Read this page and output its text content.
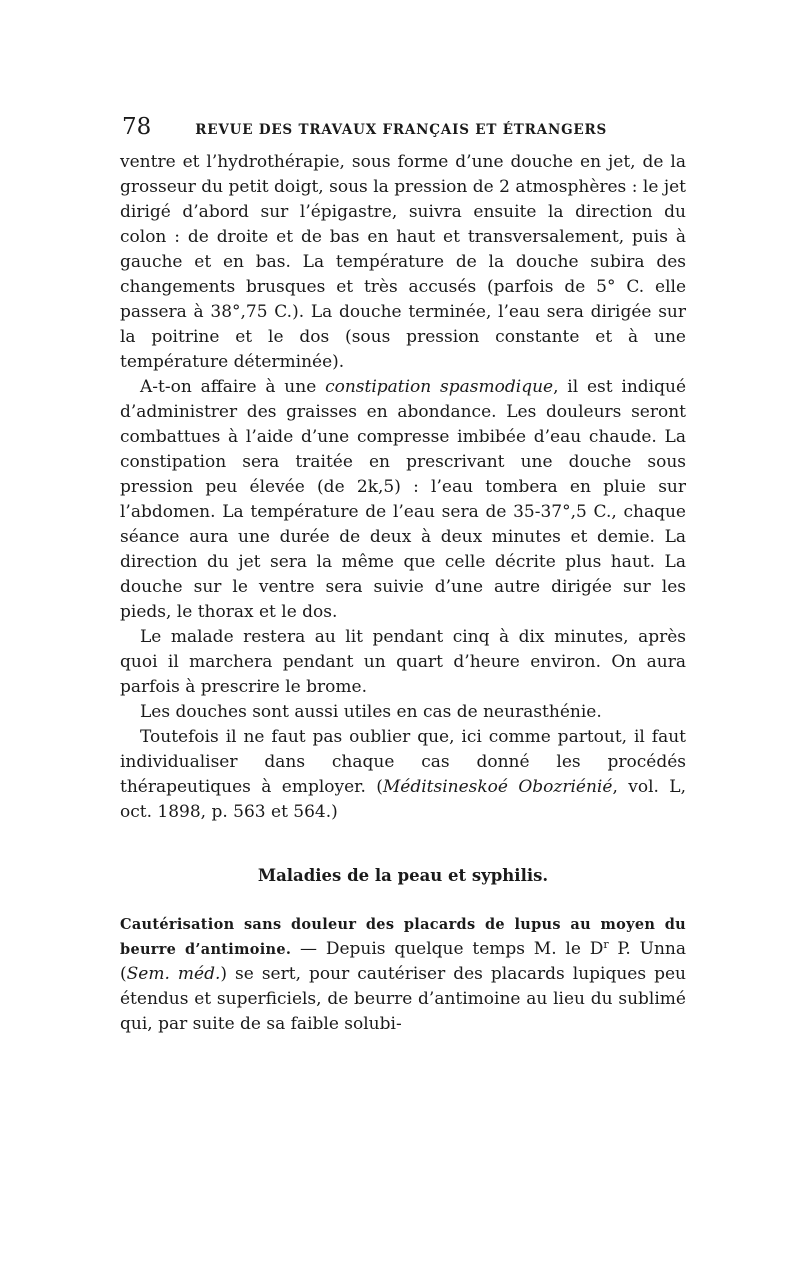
78	REVUE DES TRAVAUX FRANÇAIS ET ÉTRANGERS

ventre et l’hydrothérapie, sous forme d’une douche en jet, de la grosseur du petit doigt, sous la pression de 2 atmosphères : le jet dirigé d’abord sur l’épigastre, suivra ensuite la direction du colon : de droite et de bas en haut et transversalement, puis à gauche et en bas. La température de la douche subira des changements brusques et très accusés (parfois de 5° C. elle passera à 38°,75 C.). La douche terminée, l’eau sera dirigée sur la poitrine et le dos (sous pression constante et à une température déterminée).

A-t-on affaire à une constipation spasmodique, il est indiqué d’administrer des graisses en abondance. Les douleurs seront combattues à l’aide d’une compresse imbibée d’eau chaude. La constipation sera traitée en prescrivant une douche sous pression peu élevée (de 2k,5) : l’eau tombera en pluie sur l’abdomen. La température de l’eau sera de 35-37°,5 C., chaque séance aura une durée de deux à deux minutes et demie. La direction du jet sera la même que celle décrite plus haut. La douche sur le ventre sera suivie d’une autre dirigée sur les pieds, le thorax et le dos.

Le malade restera au lit pendant cinq à dix minutes, après quoi il marchera pendant un quart d’heure environ. On aura parfois à prescrire le brome.

Les douches sont aussi utiles en cas de neurasthénie.

Toutefois il ne faut pas oublier que, ici comme partout, il faut individualiser dans chaque cas donné les procédés thérapeutiques à employer. (Méditsineskoé Obozriénié, vol. L, oct. 1898, p. 563 et 564.)

Maladies de la peau et syphilis.

Cautérisation sans douleur des placards de lupus au moyen du beurre d’antimoine. — Depuis quelque temps M. le $D^r$ P. Unna (Sem. méd.) se sert, pour cautériser des placards lupiques peu étendus et superficiels, de beurre d’antimoine au lieu du sublimé qui, par suite de sa faible solubi-
